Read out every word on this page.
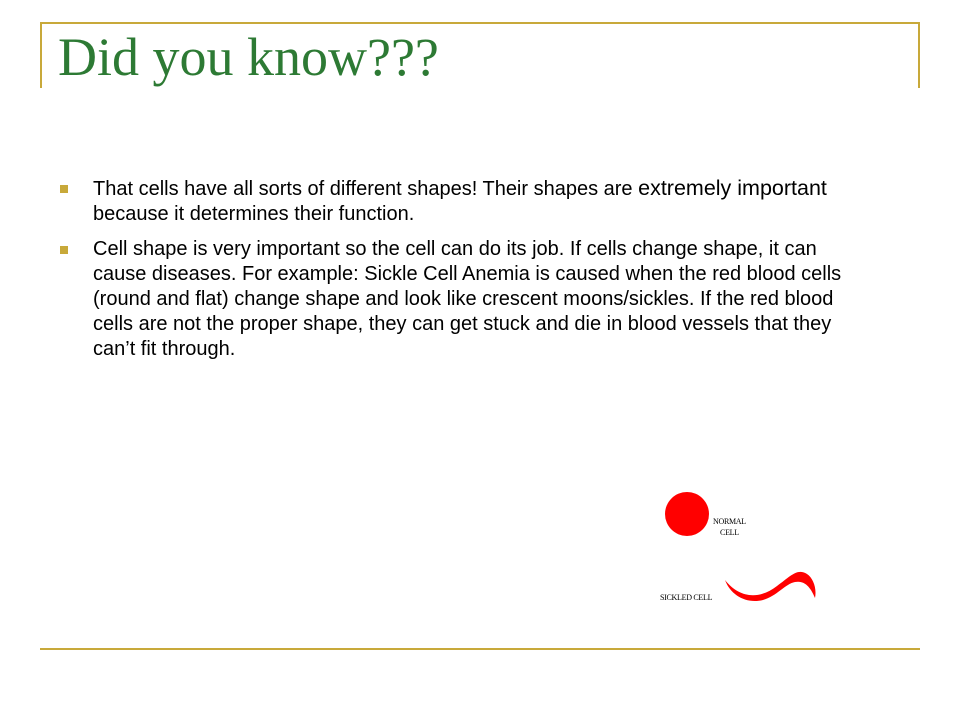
Did you know???
That cells have all sorts of different shapes! Their shapes are extremely important because it determines their function.
Cell shape is very important so the cell can do its job. If cells change shape, it can cause diseases. For example: Sickle Cell Anemia is caused when the red blood cells (round and flat) change shape and look like crescent moons/sickles. If the red blood cells are not the proper shape, they can get stuck and die in blood vessels that they can’t fit through.
NORMAL
CELL
SICKLED CELL
